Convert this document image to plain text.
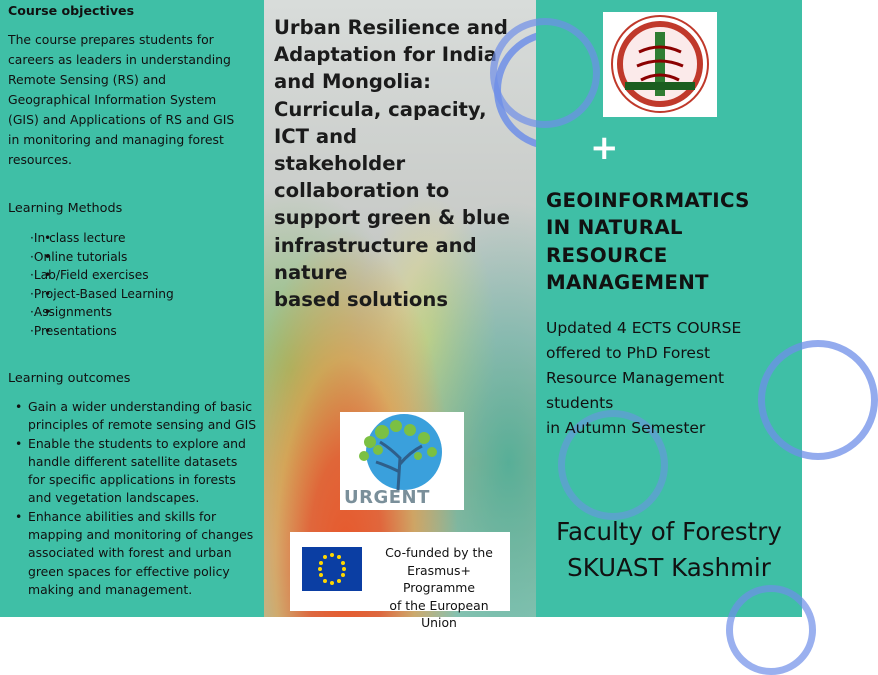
Course objectives

The course prepares students for
careers as leaders in understanding
Remote Sensing (RS) and
Geographical Information System
(GIS) and Applications of RS and GIS
in monitoring and managing forest
resources.

Learning Methods

• ·In class lecture
• ·Online tutorials
• ·Lab/Field exercises
• ·Project-Based Learning
• ·Assignments
• ·Presentations

Learning outcomes

• Gain a wider understanding of basic
principles of remote sensing and GIS
• Enable the students to explore and
handle different satellite datasets
for specific applications in forests
and vegetation landscapes.
• Enhance abilities and skills for
mapping and monitoring of changes
associated with forest and urban
green spaces for effective policy
making and management.
Urban Resilience and
Adaptation for India
and Mongolia:
Curricula, capacity,
ICT and
stakeholder
collaboration to
support green & blue
infrastructure and
nature
based solutions
URGENT
Co-funded by the
Erasmus+ Programme
of the European Union

+

GEOINFORMATICS
IN NATURAL
RESOURCE
MANAGEMENT
Updated 4 ECTS COURSE
offered to PhD Forest
Resource Management
students
in Autumn Semester
Faculty of Forestry
SKUAST Kashmir
